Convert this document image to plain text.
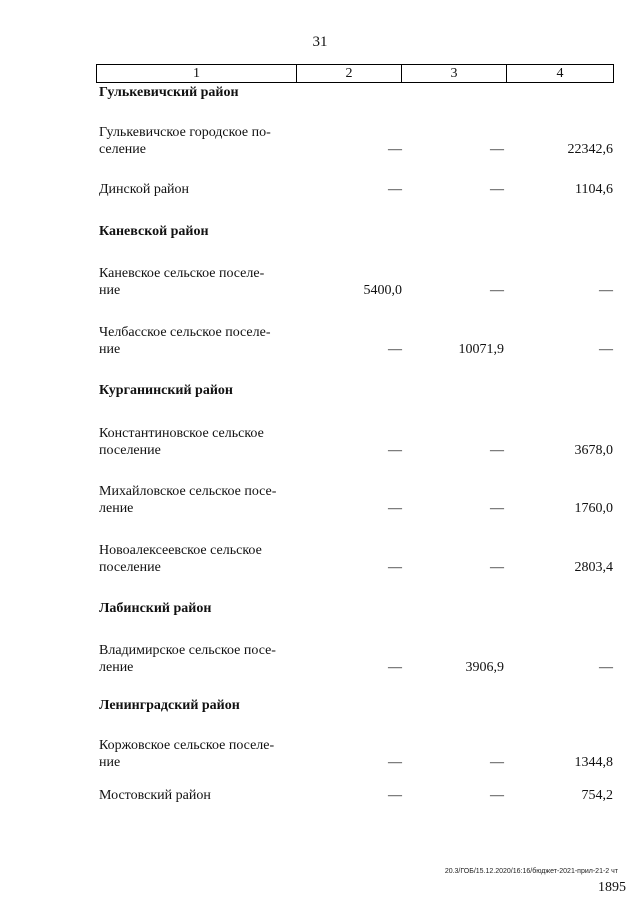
31
1	2	3	4
Гулькевичский район
Гулькевичское городское по-
селение	—	—	22342,6
Динской район	—	—	1104,6
Каневской район
Каневское сельское поселе-
ние	5400,0	—	—
Челбасское сельское поселе-
ние	—	10071,9	—
Курганинский район
Константиновское сельское
поселение	—	—	3678,0
Михайловское сельское посе-
ление	—	—	1760,0
Новоалексеевское сельское
поселение	—	—	2803,4
Лабинский район
Владимирское сельское посе-
ление	—	3906,9	—
Ленинградский район
Коржовское сельское поселе-
ние	—	—	1344,8
Мостовский район	—	—	754,2
20.3/ГОБ/15.12.2020/16:16/бюджет-2021-прил-21-2 чт
1895
